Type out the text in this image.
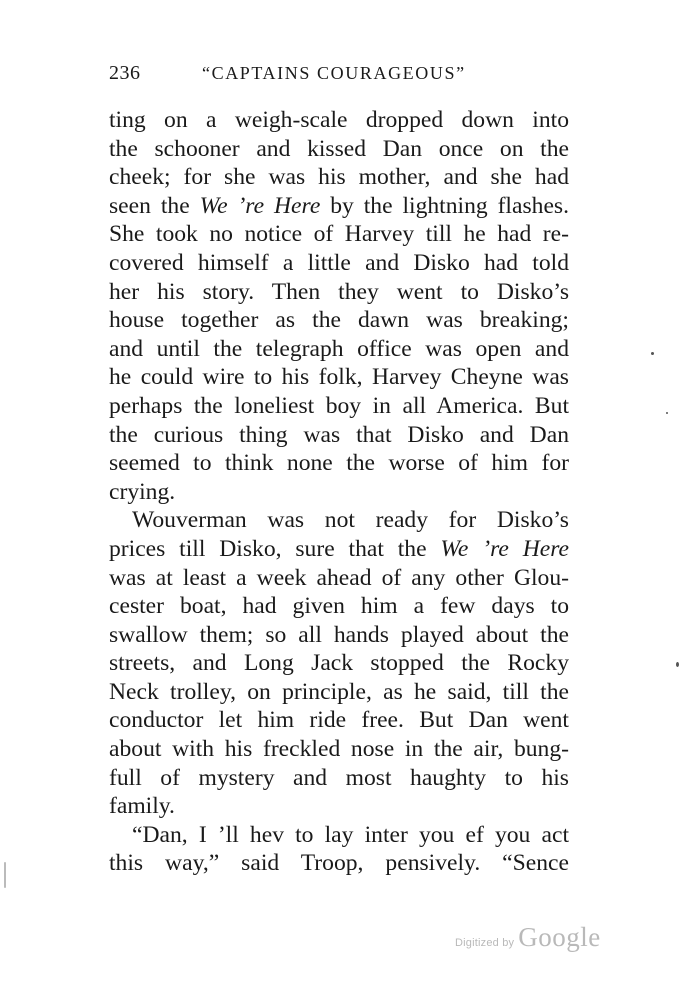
236	“CAPTAINS COURAGEOUS”
ting on a weigh-scale dropped down into
the schooner and kissed Dan once on the
cheek; for she was his mother, and she had
seen the We ’re Here by the lightning flashes.
She took no notice of Harvey till he had re-
covered himself a little and Disko had told
her his story. Then they went to Disko’s
house together as the dawn was breaking;
and until the telegraph office was open and
he could wire to his folk, Harvey Cheyne was
perhaps the loneliest boy in all America. But
the curious thing was that Disko and Dan
seemed to think none the worse of him for
crying.
Wouverman was not ready for Disko’s
prices till Disko, sure that the We ’re Here
was at least a week ahead of any other Glou-
cester boat, had given him a few days to
swallow them; so all hands played about the
streets, and Long Jack stopped the Rocky
Neck trolley, on principle, as he said, till the
conductor let him ride free. But Dan went
about with his freckled nose in the air, bung-
full of mystery and most haughty to his
family.
“Dan, I ’ll hev to lay inter you ef you act
this way,” said Troop, pensively. “Sence
Digitized by Google
